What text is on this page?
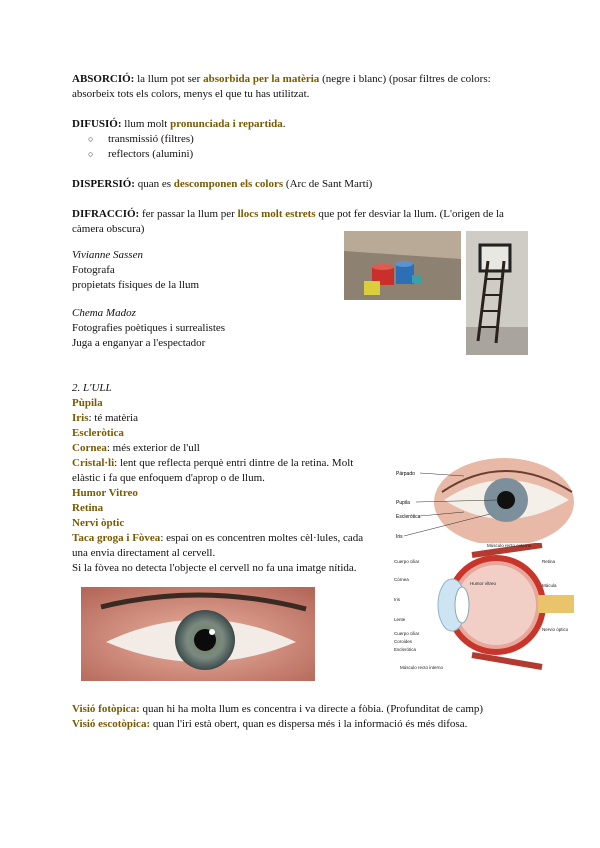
ABSORCIÓ: la llum pot ser absorbida per la matèria (negre i blanc) (posar filtres de colors: absorbeix tots els colors, menys el que tu has utilitzat.
DIFUSIÓ: llum molt pronunciada i repartida.
○ transmissió (filtres)
○ reflectors (alumini)
DISPERSIÓ: quan es descomponen els colors (Arc de Sant Martí)
DIFRACCIÓ: fer passar la llum per llocs molt estrets que pot fer desviar la llum. (L'origen de la càmera obscura)
Vivianne Sassen
Fotografa
propietats físiques de la llum
Chema Madoz
Fotografies poètiques i surrealistes
Juga a enganyar a l'espectador
2. L'ULL
Pùpila
Iris: té matèria
Escleròtica
Cornea: més exterior de l'ull
Cristal·li: lent que reflecta perquè entri dintre de la retina. Molt elàstic i fa que enfoquem d'aprop o de llum.
Humor Vitreo
Retina
Nervi òptic
Taca groga i Fòvea: espai on es concentren moltes cèl·lules, cada una envia directament al cervell.
Si la fòvea no detecta l'objecte el cervell no fa una imatge nítida.
Párpado
Pupila
Esclerótica
Iris
Músculo recto externo
Cuerpo ciliar
Córnea
Iris
Lente
Cuerpo ciliar
Coroides
Esclerótica
Músculo recto interno
Humor vítreo
Retina
Mácula
Nervio óptico
Visió fotòpica: quan hi ha molta llum es concentra i va directe a fòbia. (Profunditat de camp)
Visió escotòpica: quan l'iri està obert, quan es dispersa més i la informació és més difosa.
